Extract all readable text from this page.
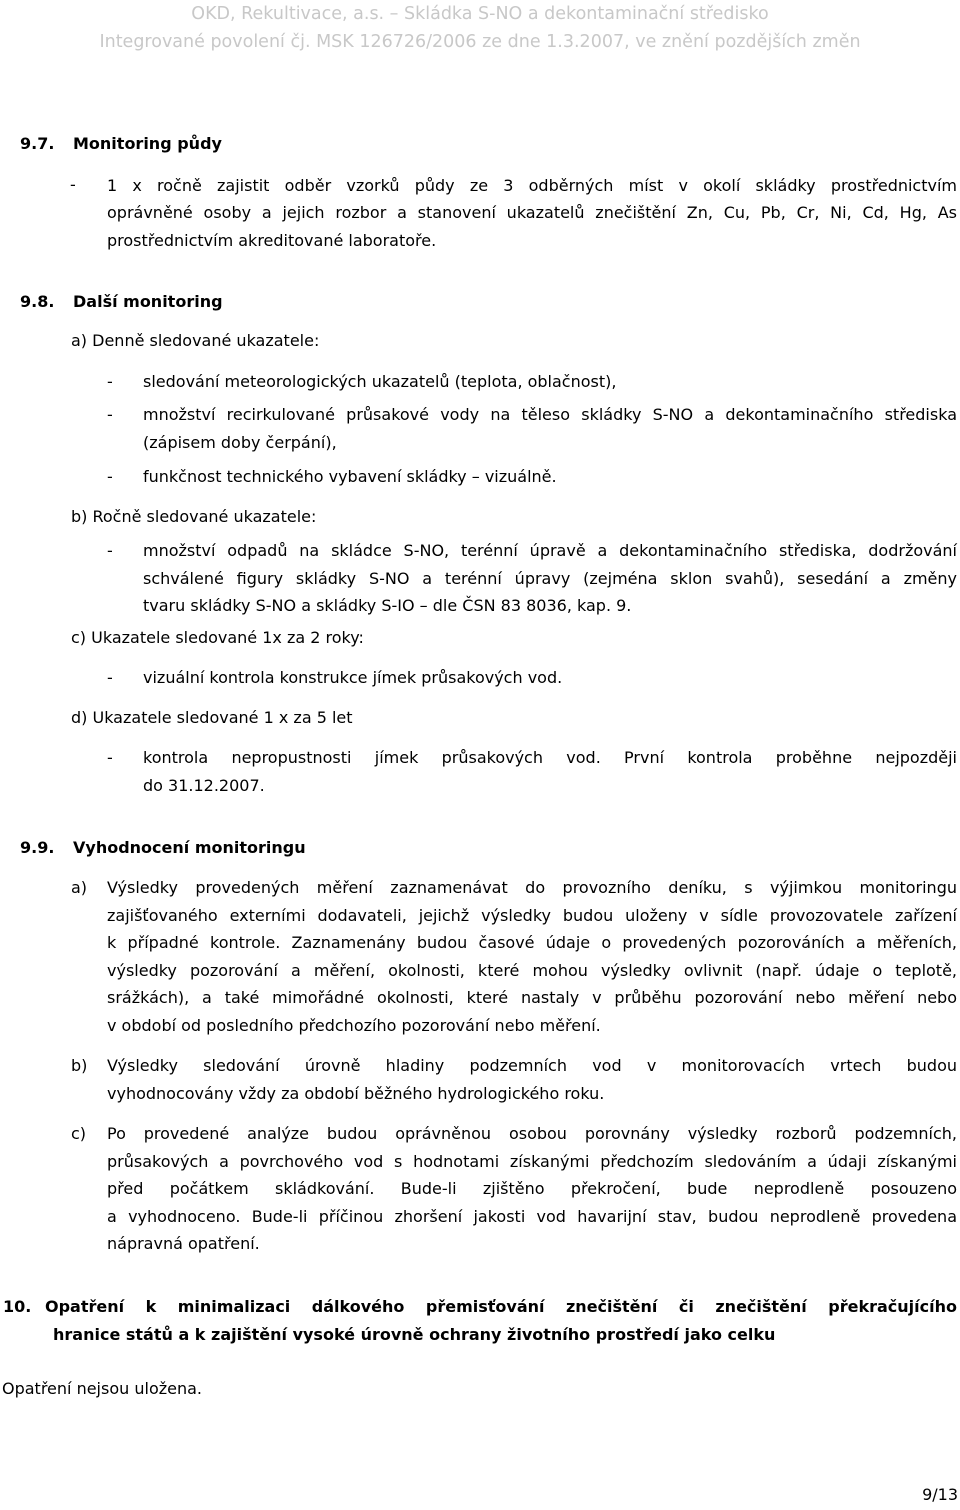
OKD, Rekultivace, a.s. – Skládka S-NO a dekontaminační středisko
Integrované povolení čj. MSK 126726/2006 ze dne 1.3.2007, ve znění pozdějších změn
9.7. Monitoring půdy
- 1 x ročně zajistit odběr vzorků půdy ze 3 odběrných míst v okolí skládky prostřednictvím
oprávněné osoby a jejich rozbor a stanovení ukazatelů znečištění Zn, Cu, Pb, Cr, Ni, Cd, Hg, As
prostřednictvím akreditované laboratoře.
9.8. Další monitoring
a) Denně sledované ukazatele:
- sledování meteorologických ukazatelů (teplota, oblačnost),
- množství recirkulované průsakové vody na těleso skládky S-NO a dekontaminačního střediska
(zápisem doby čerpání),
- funkčnost technického vybavení skládky – vizuálně.
b) Ročně sledované ukazatele:
- množství odpadů na skládce S-NO, terénní úpravě a dekontaminačního střediska, dodržování
schválené figury skládky S-NO a terénní úpravy (zejména sklon svahů), sesedání a změny
tvaru skládky S-NO a skládky S-IO – dle ČSN 83 8036, kap. 9.
c) Ukazatele sledované 1x za 2 roky:
- vizuální kontrola konstrukce jímek průsakových vod.
d) Ukazatele sledované 1 x za 5 let
- kontrola nepropustnosti jímek průsakových vod. První kontrola proběhne nejpozději
do 31.12.2007.
9.9. Vyhodnocení monitoringu
a) Výsledky provedených měření zaznamenávat do provozního deníku, s výjimkou monitoringu
zajišťovaného externími dodavateli, jejichž výsledky budou uloženy v sídle provozovatele zařízení
k případné kontrole. Zaznamenány budou časové údaje o provedených pozorováních a měřeních,
výsledky pozorování a měření, okolnosti, které mohou výsledky ovlivnit (např. údaje o teplotě,
srážkách), a také mimořádné okolnosti, které nastaly v průběhu pozorování nebo měření nebo
v období od posledního předchozího pozorování nebo měření.
b) Výsledky sledování úrovně hladiny podzemních vod v monitorovacích vrtech budou
vyhodnocovány vždy za období běžného hydrologického roku.
c) Po provedené analýze budou oprávněnou osobou porovnány výsledky rozborů podzemních,
průsakových a povrchového vod s hodnotami získanými předchozím sledováním a údaji získanými
před počátkem skládkování. Bude-li zjištěno překročení, bude neprodleně posouzeno
a vyhodnoceno. Bude-li příčinou zhoršení jakosti vod havarijní stav, budou neprodleně provedena
nápravná opatření.
10. Opatření k minimalizaci dálkového přemisťování znečištění či znečištění překračujícího
hranice států a k zajištění vysoké úrovně ochrany životního prostředí jako celku
Opatření nejsou uložena.
9/13
